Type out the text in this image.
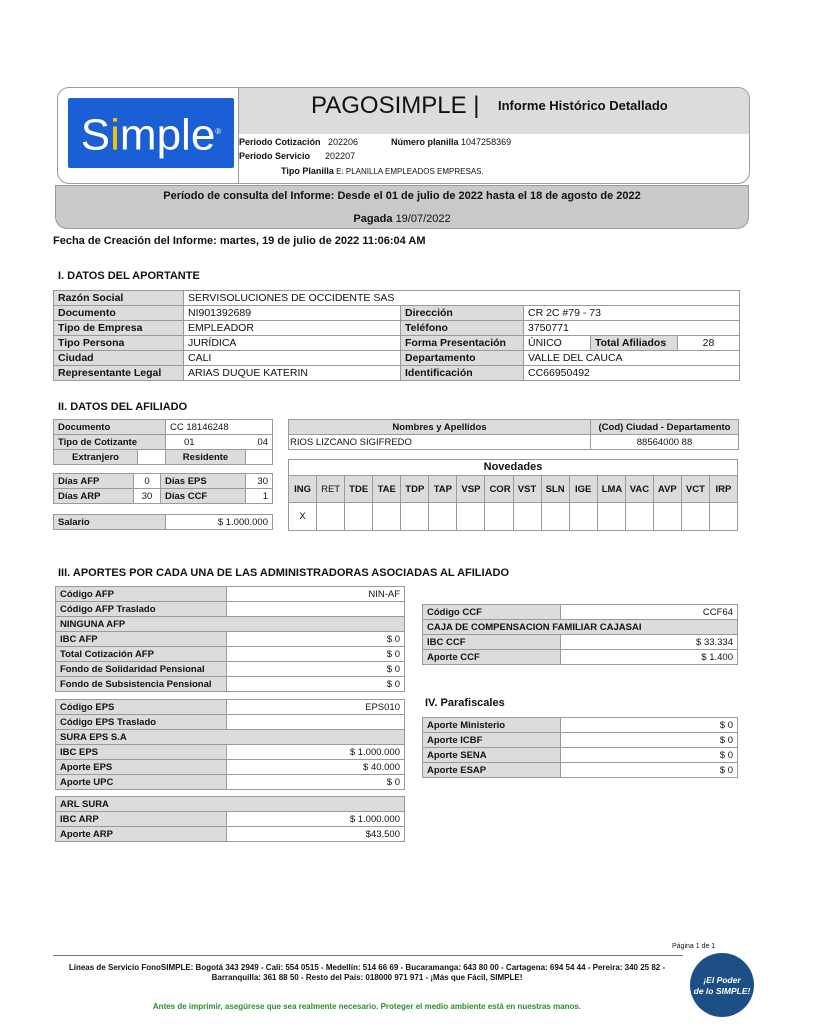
Simple®
PAGOSIMPLE | Informe Histórico Detallado
Periodo Cotización 202206	Número planilla 1047258369
Periodo Servicio 202207
Tipo Planilla E: PLANILLA EMPLEADOS EMPRESAS.
Período de consulta del Informe: Desde el 01 de julio de 2022 hasta el 18 de agosto de 2022
Pagada 19/07/2022
Fecha de Creación del Informe: martes, 19 de julio de 2022 11:06:04 AM
I. DATOS DEL APORTANTE
Razón Social	SERVISOLUCIONES DE OCCIDENTE SAS				
Documento	NI901392689	Dirección	CR 2C #79 - 73		
Tipo de Empresa	EMPLEADOR	Teléfono	3750771		
Tipo Persona	JURÍDICA	Forma Presentación	ÚNICO	Total Afiliados	28
Ciudad	CALI	Departamento	VALLE DEL CAUCA		
Representante Legal	ARIAS DUQUE KATERIN	Identificación	CC66950492		
II. DATOS DEL AFILIADO
Documento		CC 18146248	
Tipo de Cotizante		01 04	

Extranjero		Residente	
Días AFP	0	Días EPS	30
Días ARP	30	Días CCF	1
Salario	$ 1.000.000
Nombres y Apellidos	(Cod) Ciudad - Departamento
RIOS LIZCANO SIGIFREDO	88564000 88
Novedades															
ING	RET	TDE	TAE	TDP	TAP	VSP	COR	VST	SLN	IGE	LMA	VAC	AVP	VCT	IRP
X															
III. APORTES POR CADA UNA DE LAS ADMINISTRADORAS ASOCIADAS AL AFILIADO
Código AFP	NIN-AF
Código AFP Traslado	
NINGUNA AFP	
IBC AFP	$ 0
Total Cotización AFP	$ 0
Fondo de Solidaridad Pensional	$ 0
Fondo de Subsistencia Pensional	$ 0
Código EPS	EPS010
Código EPS Traslado	
SURA EPS S.A	
IBC EPS	$ 1.000.000
Aporte EPS	$ 40.000
Aporte UPC	$ 0
ARL SURA	
IBC ARP	$ 1.000.000
Aporte ARP	$43.500
Código CCF	CCF64
CAJA DE COMPENSACION FAMILIAR CAJASAI	
IBC CCF	$ 33.334
Aporte CCF	$ 1.400
IV. Parafiscales
Aporte Ministerio	$ 0
Aporte ICBF	$ 0
Aporte SENA	$ 0
Aporte ESAP	$ 0
Página 1 de 1
Líneas de Servicio FonoSIMPLE: Bogotá 343 2949 - Cali: 554 0515 - Medellín: 514 66 69 - Bucaramanga: 643 80 00 - Cartagena: 694 54 44 - Pereira: 340 25 82 -
Barranquilla: 361 88 50 - Resto del País: 018000 971 971 - ¡Más que Fácil, SIMPLE!
Antes de imprimir, asegúrese que sea realmente necesario. Proteger el medio ambiente está en nuestras manos.
¡El Poder
de lo SIMPLE!
